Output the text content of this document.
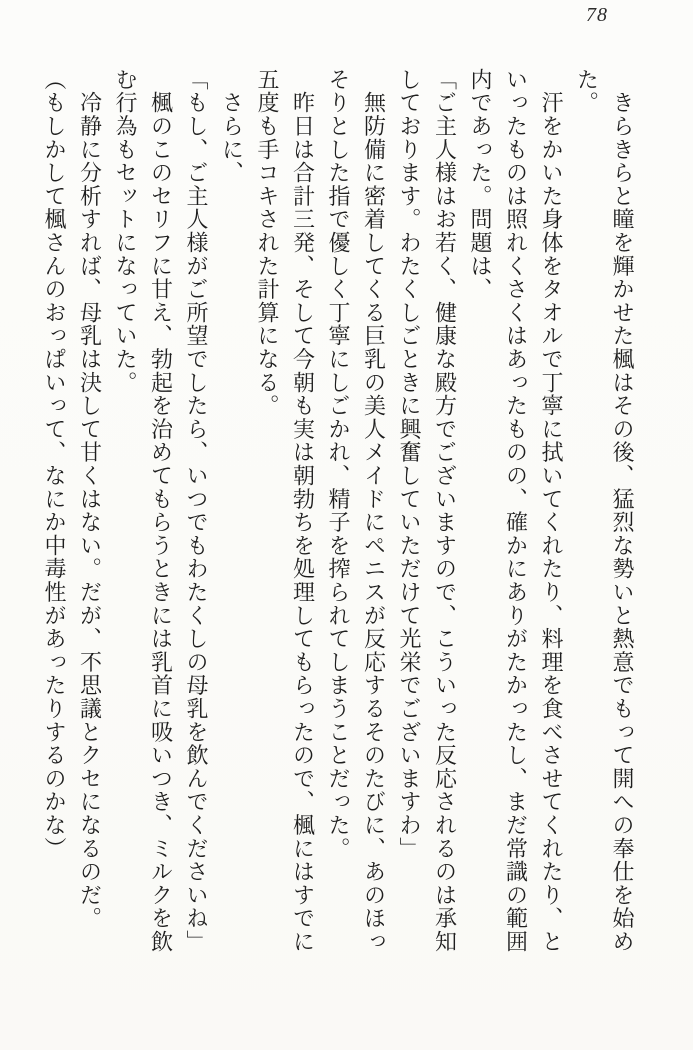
78
　きらきらと瞳を輝かせた楓はその後、猛烈な勢いと熱意でもって開への奉仕を始め
た。
　汗をかいた身体をタオルで丁寧に拭いてくれたり、料理を食べさせてくれたり、と
いったものは照れくさくはあったものの、確かにありがたかったし、まだ常識の範囲
内であった。問題は、
「ご主人様はお若く、健康な殿方でございますので、こういった反応されるのは承知
しております。わたくしごときに興奮していただけて光栄でございますわ」
　無防備に密着してくる巨乳の美人メイドにペニスが反応するそのたびに、あのほっ
そりとした指で優しく丁寧にしごかれ、精子を搾られてしまうことだった。
　昨日は合計三発、そして今朝も実は朝勃ちを処理してもらったので、楓にはすでに
五度も手コキされた計算になる。
　さらに、
「もし、ご主人様がご所望でしたら、いつでもわたくしの母乳を飲んでくださいね」
　楓のこのセリフに甘え、勃起を治めてもらうときには乳首に吸いつき、ミルクを飲
む行為もセットになっていた。
　冷静に分析すれば、母乳は決して甘くはない。だが、不思議とクセになるのだ。
（もしかして楓さんのおっぱいって、なにか中毒性があったりするのかな）
